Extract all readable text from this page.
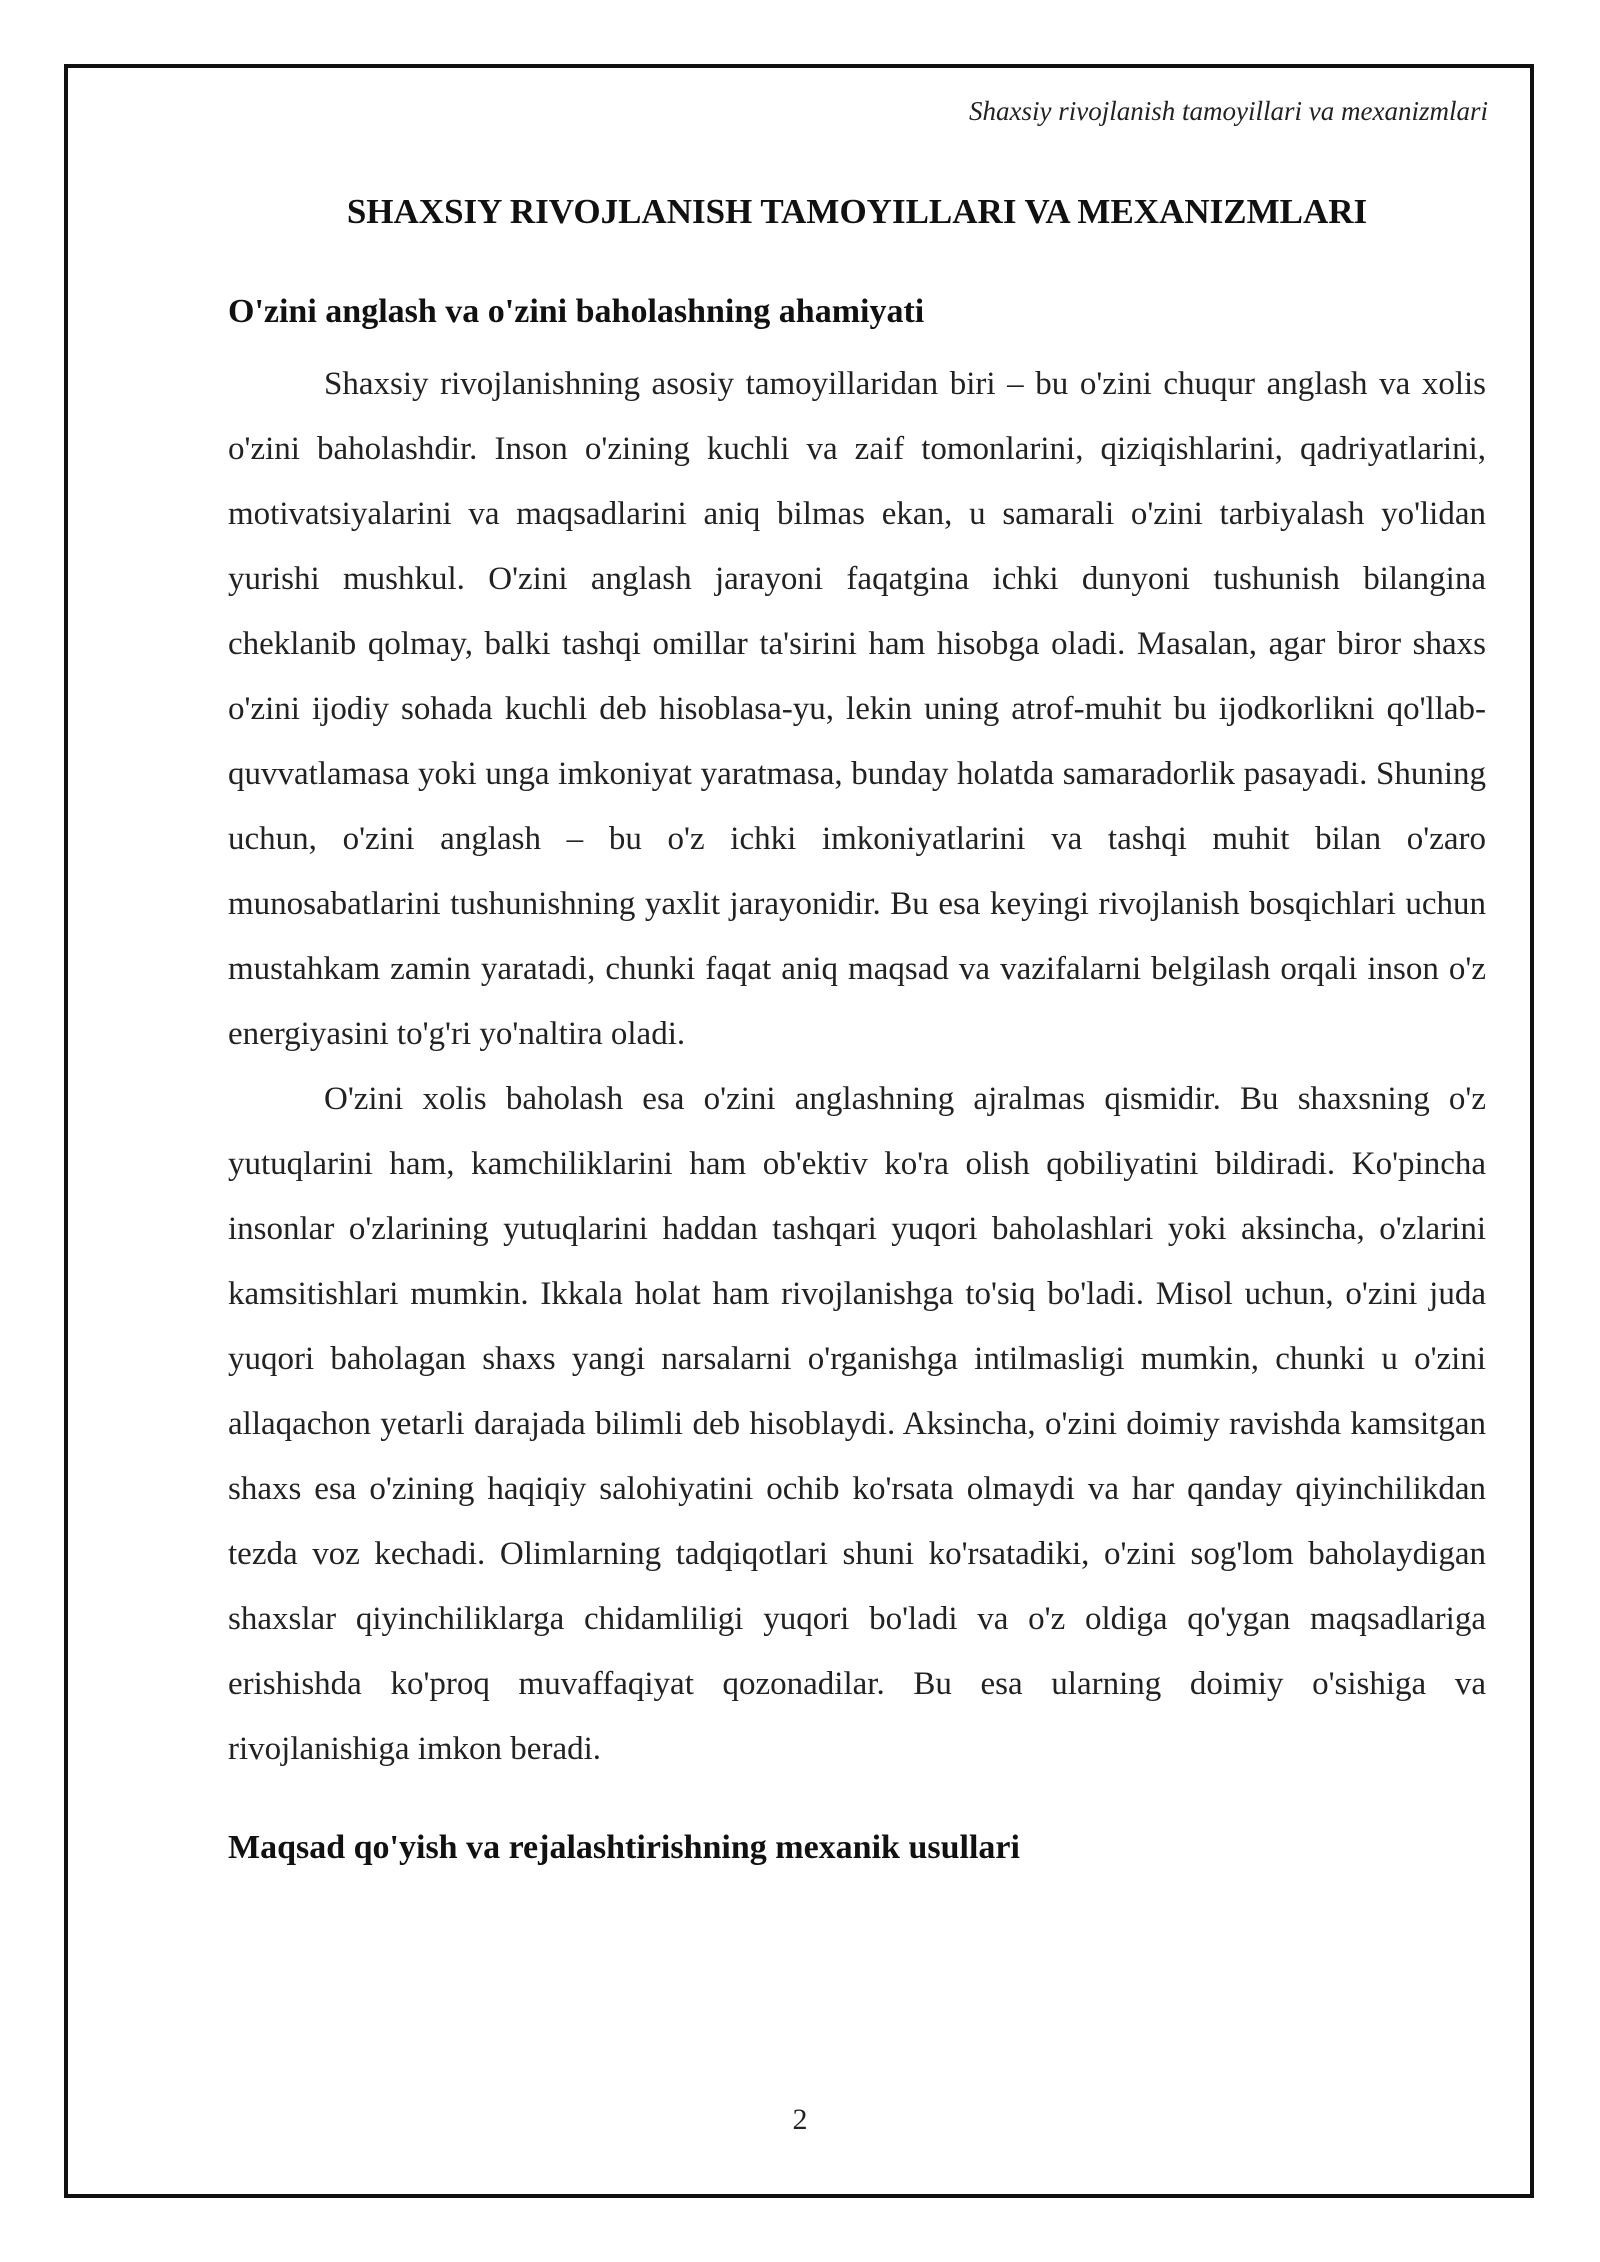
Shaxsiy rivojlanish tamoyillari va mexanizmlari
SHAXSIY RIVOJLANISH TAMOYILLARI VA MEXANIZMLARI
O'zini anglash va o'zini baholashning ahamiyati

Shaxsiy rivojlanishning asosiy tamoyillaridan biri – bu o'zini chuqur anglash va xolis o'zini baholashdir. Inson o'zining kuchli va zaif tomonlarini, qiziqishlarini, qadriyatlarini, motivatsiyalarini va maqsadlarini aniq bilmas ekan, u samarali o'zini tarbiyalash yo'lidan yurishi mushkul. O'zini anglash jarayoni faqatgina ichki dunyoni tushunish bilangina cheklanib qolmay, balki tashqi omillar ta'sirini ham hisobga oladi. Masalan, agar biror shaxs o'zini ijodiy sohada kuchli deb hisoblasa-yu, lekin uning atrof-muhit bu ijodkorlikni qo'llab-quvvatlamasa yoki unga imkoniyat yaratmasa, bunday holatda samaradorlik pasayadi. Shuning uchun, o'zini anglash – bu o'z ichki imkoniyatlarini va tashqi muhit bilan o'zaro munosabatlarini tushunishning yaxlit jarayonidir. Bu esa keyingi rivojlanish bosqichlari uchun mustahkam zamin yaratadi, chunki faqat aniq maqsad va vazifalarni belgilash orqali inson o'z energiyasini to'g'ri yo'naltira oladi.

O'zini xolis baholash esa o'zini anglashning ajralmas qismidir. Bu shaxsning o'z yutuqlarini ham, kamchiliklarini ham ob'ektiv ko'ra olish qobiliyatini bildiradi. Ko'pincha insonlar o'zlarining yutuqlarini haddan tashqari yuqori baholashlari yoki aksincha, o'zlarini kamsitishlari mumkin. Ikkala holat ham rivojlanishga to'siq bo'ladi. Misol uchun, o'zini juda yuqori baholagan shaxs yangi narsalarni o'rganishga intilmasligi mumkin, chunki u o'zini allaqachon yetarli darajada bilimli deb hisoblaydi. Aksincha, o'zini doimiy ravishda kamsitgan shaxs esa o'zining haqiqiy salohiyatini ochib ko'rsata olmaydi va har qanday qiyinchilikdan tezda voz kechadi. Olimlarning tadqiqotlari shuni ko'rsatadiki, o'zini sog'lom baholaydigan shaxslar qiyinchiliklarga chidamliligi yuqori bo'ladi va o'z oldiga qo'ygan maqsadlariga erishishda ko'proq muvaffaqiyat qozonadilar. Bu esa ularning doimiy o'sishiga va rivojlanishiga imkon beradi.

Maqsad qo'yish va rejalashtirishning mexanik usullari
2
